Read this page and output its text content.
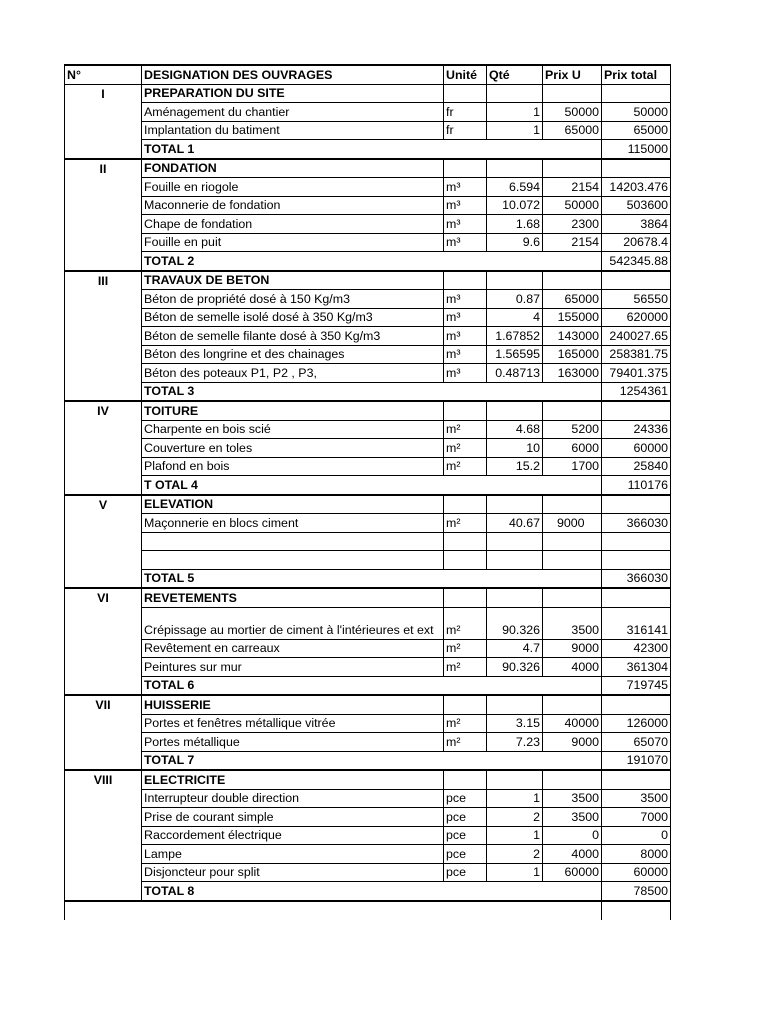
N°	DESIGNATION DES OUVRAGES	Unité	Qté	Prix U	Prix total
I	PREPARATION DU SITE				
	Aménagement du chantier	fr	1	50000	50000
	Implantation du batiment	fr	1	65000	65000
	TOTAL 1				115000
II	FONDATION				
	Fouille en riogole	m³	6.594	2154	14203.476
	Maconnerie de fondation	m³	10.072	50000	503600
	Chape de fondation	m³	1.68	2300	3864
	Fouille en puit	m³	9.6	2154	20678.4
	TOTAL 2				542345.88
III	TRAVAUX DE BETON				
	Béton de propriété dosé à 150 Kg/m3	m³	0.87	65000	56550
	Béton de semelle isolé dosé à 350 Kg/m3	m³	4	155000	620000
	Béton de semelle filante dosé à 350 Kg/m3	m³	1.67852	143000	240027.65
	Béton des longrine et des chainages	m³	1.56595	165000	258381.75
	Béton des poteaux P1, P2 , P3,	m³	0.48713	163000	79401.375
	TOTAL 3				1254361
IV	TOITURE				
	Charpente en bois scié	m²	4.68	5200	24336
	Couverture en toles	m²	10	6000	60000
	Plafond en bois	m²	15.2	1700	25840
	T OTAL 4				110176
V	ELEVATION				
	Maçonnerie en blocs ciment	m²	40.67	9000	366030

	TOTAL 5				366030
VI	REVETEMENTS				
	Crépissage au mortier de ciment à l'intérieures et ext	m²	90.326	3500	316141
	Revêtement en carreaux	m²	4.7	9000	42300
	Peintures sur mur	m²	90.326	4000	361304
	TOTAL 6				719745
VII	HUISSERIE				
	Portes et fenêtres métallique vitrée	m²	3.15	40000	126000
	Portes métallique	m²	7.23	9000	65070
	TOTAL 7				191070
VIII	ELECTRICITE				
	Interrupteur double direction	pce	1	3500	3500
	Prise de courant simple	pce	2	3500	7000
	Raccordement électrique	pce	1	0	0
	Lampe	pce	2	4000	8000
	Disjoncteur pour split	pce	1	60000	60000
	TOTAL 8				78500
